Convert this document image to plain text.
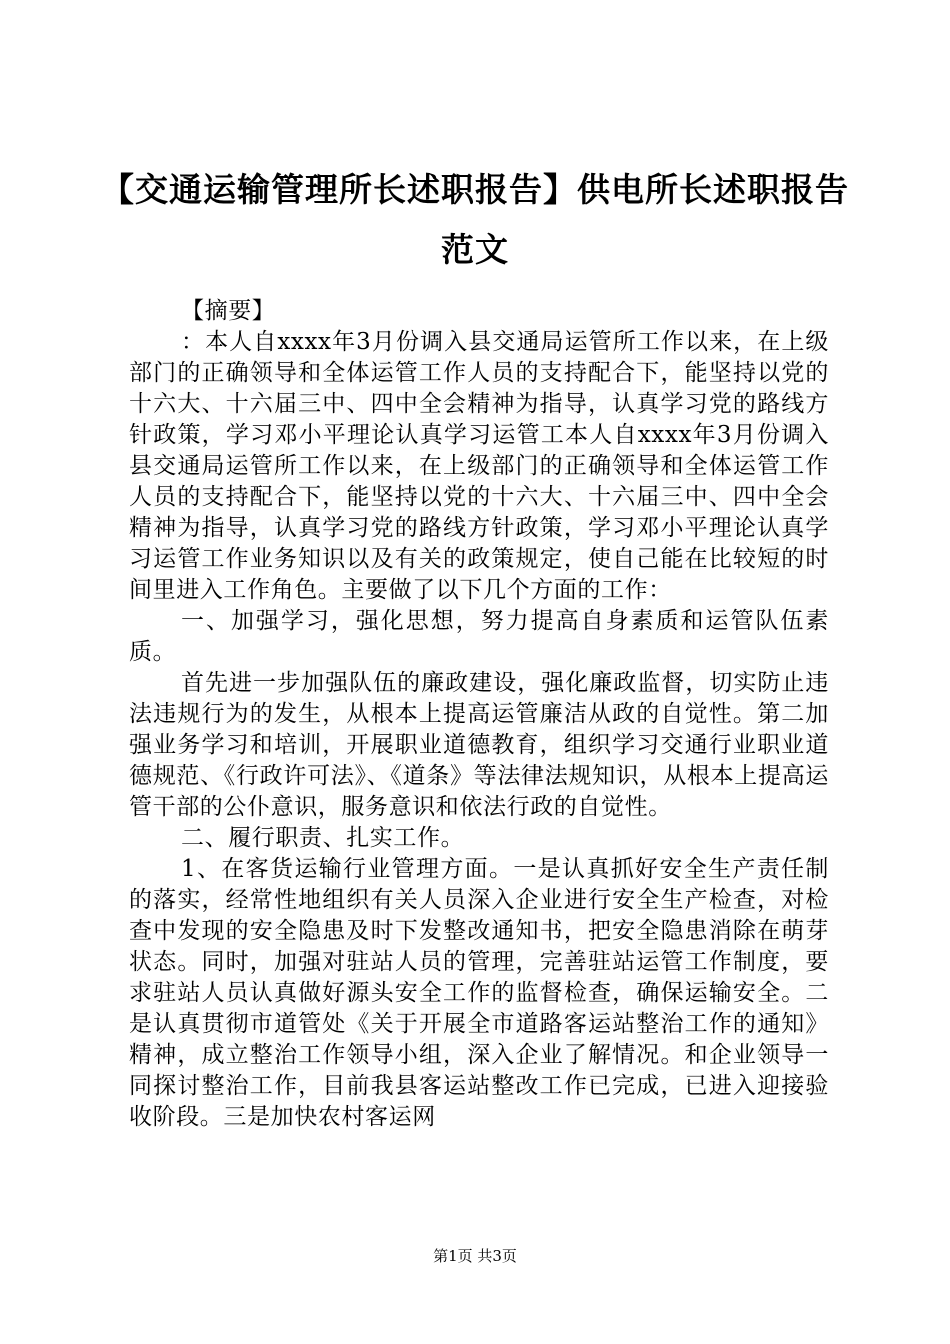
【交通运输管理所长述职报告】供电所长述职报告范文

【摘要】

：本人自xxxx年3月份调入县交通局运管所工作以来，在上级部门的正确领导和全体运管工作人员的支持配合下，能坚持以党的十六大、十六届三中、四中全会精神为指导，认真学习党的路线方针政策，学习邓小平理论认真学习运管工本人自xxxx年3月份调入县交通局运管所工作以来，在上级部门的正确领导和全体运管工作人员的支持配合下，能坚持以党的十六大、十六届三中、四中全会精神为指导，认真学习党的路线方针政策，学习邓小平理论认真学习运管工作业务知识以及有关的政策规定，使自己能在比较短的时间里进入工作角色。主要做了以下几个方面的工作：

一、加强学习，强化思想，努力提高自身素质和运管队伍素质。

首先进一步加强队伍的廉政建设，强化廉政监督，切实防止违法违规行为的发生，从根本上提高运管廉洁从政的自觉性。第二加强业务学习和培训，开展职业道德教育，组织学习交通行业职业道德规范、《行政许可法》、《道条》等法律法规知识，从根本上提高运管干部的公仆意识，服务意识和依法行政的自觉性。

二、履行职责、扎实工作。

1、在客货运输行业管理方面。一是认真抓好安全生产责任制的落实，经常性地组织有关人员深入企业进行安全生产检查，对检查中发现的安全隐患及时下发整改通知书，把安全隐患消除在萌芽状态。同时，加强对驻站人员的管理，完善驻站运管工作制度，要求驻站人员认真做好源头安全工作的监督检查，确保运输安全。二是认真贯彻市道管处《关于开展全市道路客运站整治工作的通知》精神，成立整治工作领导小组，深入企业了解情况。和企业领导一同探讨整治工作，目前我县客运站整改工作已完成，已进入迎接验收阶段。三是加快农村客运网

第1页 共3页
